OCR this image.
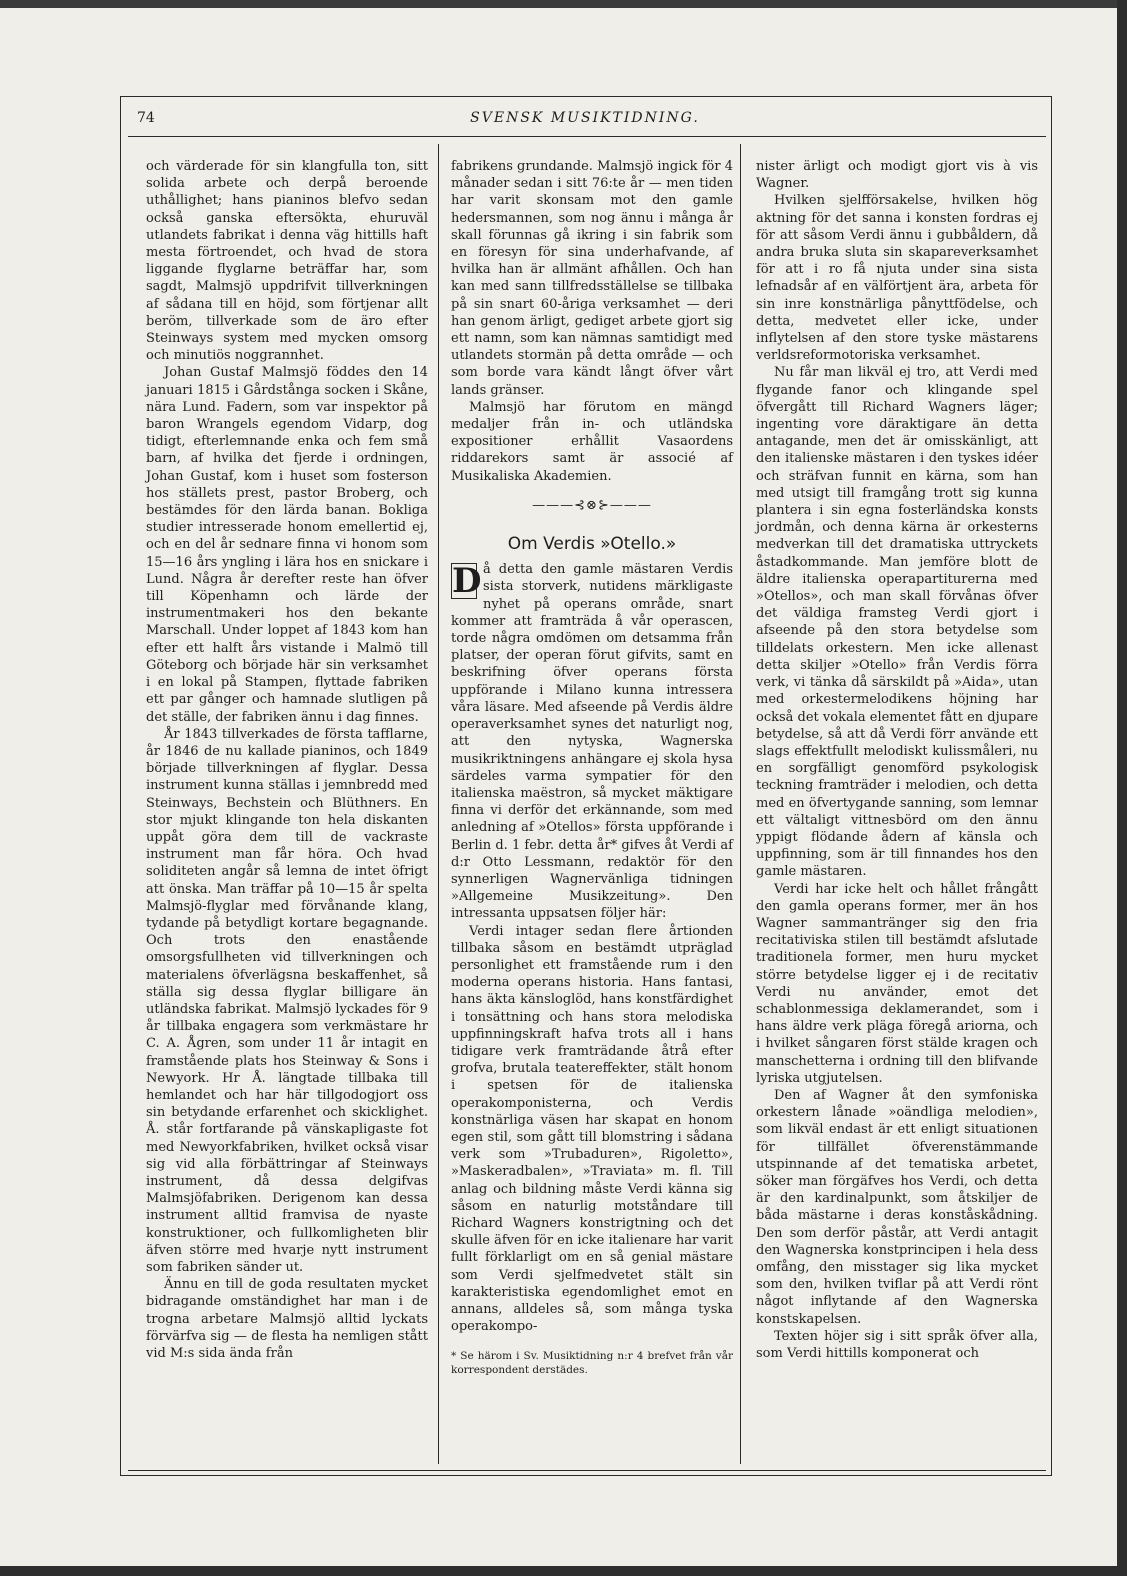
74	SVENSK MUSIKTIDNING.

och värderade för sin klangfulla ton, sitt solida arbete och derpå beroende uthållighet; hans pianinos blefvo sedan också ganska eftersökta, ehuruväl utlandets fabrikat i denna väg hittills haft mesta förtroendet, och hvad de stora liggande flyglarne beträffar har, som sagdt, Malmsjö uppdrifvit tillverkningen af sådana till en höjd, som förtjenar allt beröm, tillverkade som de äro efter Steinways system med mycken omsorg och minutiös noggrannhet.

Johan Gustaf Malmsjö föddes den 14 januari 1815 i Gårdstånga socken i Skåne, nära Lund. Fadern, som var inspektor på baron Wrangels egendom Vidarp, dog tidigt, efterlemnande enka och fem små barn, af hvilka det fjerde i ordningen, Johan Gustaf, kom i huset som fosterson hos ställets prest, pastor Broberg, och bestämdes för den lärda banan. Bokliga studier intresserade honom emellertid ej, och en del år sednare finna vi honom som 15—16 års yngling i lära hos en snickare i Lund. Några år derefter reste han öfver till Köpenhamn och lärde der instrumentmakeri hos den bekante Marschall. Under loppet af 1843 kom han efter ett halft års vistande i Malmö till Göteborg och började här sin verksamhet i en lokal på Stampen, flyttade fabriken ett par gånger och hamnade slutligen på det ställe, der fabriken ännu i dag finnes.

År 1843 tillverkades de första tafflarne, år 1846 de nu kallade pianinos, och 1849 började tillverkningen af flyglar. Dessa instrument kunna ställas i jemnbredd med Steinways, Bechstein och Blüthners. En stor mjukt klingande ton hela diskanten uppåt göra dem till de vackraste instrument man får höra. Och hvad soliditeten angår så lemna de intet öfrigt att önska. Man träffar på 10—15 år spelta Malmsjö-flyglar med förvånande klang, tydande på betydligt kortare begagnande. Och trots den enastående omsorgsfullheten vid tillverkningen och materialens öfverlägsna beskaffenhet, så ställa sig dessa flyglar billigare än utländska fabrikat. Malmsjö lyckades för 9 år tillbaka engagera som verkmästare hr C. A. Ågren, som under 11 år intagit en framstående plats hos Steinway & Sons i Newyork. Hr Å. längtade tillbaka till hemlandet och har här tillgodogjort oss sin betydande erfarenhet och skicklighet. Å. står fortfarande på vänskapligaste fot med Newyorkfabriken, hvilket också visar sig vid alla förbättringar af Steinways instrument, då dessa delgifvas Malmsjöfabriken. Derigenom kan dessa instrument alltid framvisa de nyaste konstruktioner, och fullkomligheten blir äfven större med hvarje nytt instrument som fabriken sänder ut.

Ännu en till de goda resultaten mycket bidragande omständighet har man i de trogna arbetare Malmsjö alltid lyckats förvärfva sig — de flesta ha nemligen stått vid M:s sida ända från

fabrikens grundande. Malmsjö ingick för 4 månader sedan i sitt 76:te år — men tiden har varit skonsam mot den gamle hedersmannen, som nog ännu i många år skall förunnas gå ikring i sin fabrik som en föresyn för sina underhafvande, af hvilka han är allmänt afhållen. Och han kan med sann tillfredsställelse se tillbaka på sin snart 60-åriga verksamhet — deri han genom ärligt, gediget arbete gjort sig ett namn, som kan nämnas samtidigt med utlandets stormän på detta område — och som borde vara kändt långt öfver vårt lands gränser.

Malmsjö har förutom en mängd medaljer från in- och utländska expositioner erhållit Vasaordens riddarekors samt är associé af Musikaliska Akademien.

———⊰⊗⊱———
Om Verdis »Otello.»

D å detta den gamle mästaren Verdis sista storverk, nutidens märkligaste nyhet på operans område, snart kommer att framträda å vår operascen, torde några omdömen om detsamma från platser, der operan förut gifvits, samt en beskrifning öfver operans första uppförande i Milano kunna intressera våra läsare. Med afseende på Verdis äldre operaverksamhet synes det naturligt nog, att den nytyska, Wagnerska musikriktningens anhängare ej skola hysa särdeles varma sympatier för den italienska maëstron, så mycket mäktigare finna vi derför det erkännande, som med anledning af »Otellos» första uppförande i Berlin d. 1 febr. detta år* gifves åt Verdi af d:r Otto Lessmann, redaktör för den synnerligen Wagnervänliga tidningen »Allgemeine Musikzeitung». Den intressanta uppsatsen följer här:

Verdi intager sedan flere årtionden tillbaka såsom en bestämdt utpräglad personlighet ett framstående rum i den moderna operans historia. Hans fantasi, hans äkta känsloglöd, hans konstfärdighet i tonsättning och hans stora melodiska uppfinningskraft hafva trots all i hans tidigare verk framträdande åtrå efter grofva, brutala teatereffekter, stält honom i spetsen för de italienska operakomponisterna, och Verdis konstnärliga väsen har skapat en honom egen stil, som gått till blomstring i sådana verk som »Trubaduren», Rigoletto», »Maskeradbalen», »Traviata» m. fl. Till anlag och bildning måste Verdi känna sig såsom en naturlig motståndare till Richard Wagners konstrigtning och det skulle äfven för en icke italienare har varit fullt förklarligt om en så genial mästare som Verdi sjelfmedvetet stält sin karakteristiska egendomlighet emot en annans, alldeles så, som många tyska operakompo-

* Se härom i Sv. Musiktidning n:r 4 brefvet från vår korrespondent derstädes.

nister ärligt och modigt gjort vis à vis Wagner.

Hvilken sjelfförsakelse, hvilken hög aktning för det sanna i konsten fordras ej för att såsom Verdi ännu i gubbåldern, då andra bruka sluta sin skapareverksamhet för att i ro få njuta under sina sista lefnadsår af en välförtjent ära, arbeta för sin inre konstnärliga pånyttfödelse, och detta, medvetet eller icke, under inflytelsen af den store tyske mästarens verldsreformotoriska verksamhet.

Nu får man likväl ej tro, att Verdi med flygande fanor och klingande spel öfvergått till Richard Wagners läger; ingenting vore däraktigare än detta antagande, men det är omisskänligt, att den italienske mästaren i den tyskes idéer och sträfvan funnit en kärna, som han med utsigt till framgång trott sig kunna plantera i sin egna fosterländska konsts jordmån, och denna kärna är orkesterns medverkan till det dramatiska uttryckets åstadkommande. Man jemföre blott de äldre italienska operapartiturerna med »Otellos», och man skall förvånas öfver det väldiga framsteg Verdi gjort i afseende på den stora betydelse som tilldelats orkestern. Men icke allenast detta skiljer »Otello» från Verdis förra verk, vi tänka då särskildt på »Aida», utan med orkestermelodikens höjning har också det vokala elementet fått en djupare betydelse, så att då Verdi förr använde ett slags effektfullt melodiskt kulissmåleri, nu en sorgfälligt genomförd psykologisk teckning framträder i melodien, och detta med en öfvertygande sanning, som lemnar ett vältaligt vittnesbörd om den ännu yppigt flödande ådern af känsla och uppfinning, som är till finnandes hos den gamle mästaren.

Verdi har icke helt och hållet frångått den gamla operans former, mer än hos Wagner sammantränger sig den fria recitativiska stilen till bestämdt afslutade traditionela former, men huru mycket större betydelse ligger ej i de recitativ Verdi nu använder, emot det schablonmessiga deklamerandet, som i hans äldre verk pläga föregå ariorna, och i hvilket sångaren först stälde kragen och manschetterna i ordning till den blifvande lyriska utgjutelsen.

Den af Wagner åt den symfoniska orkestern lånade »oändliga melodien», som likväl endast är ett enligt situationen för tillfället öfverenstämmande utspinnande af det tematiska arbetet, söker man förgäfves hos Verdi, och detta är den kardinalpunkt, som åtskiljer de båda mästarne i deras konståskådning. Den som derför påstår, att Verdi antagit den Wagnerska konstprincipen i hela dess omfång, den misstager sig lika mycket som den, hvilken tviflar på att Verdi rönt något inflytande af den Wagnerska konstskapelsen.

Texten höjer sig i sitt språk öfver alla, som Verdi hittills komponerat och
